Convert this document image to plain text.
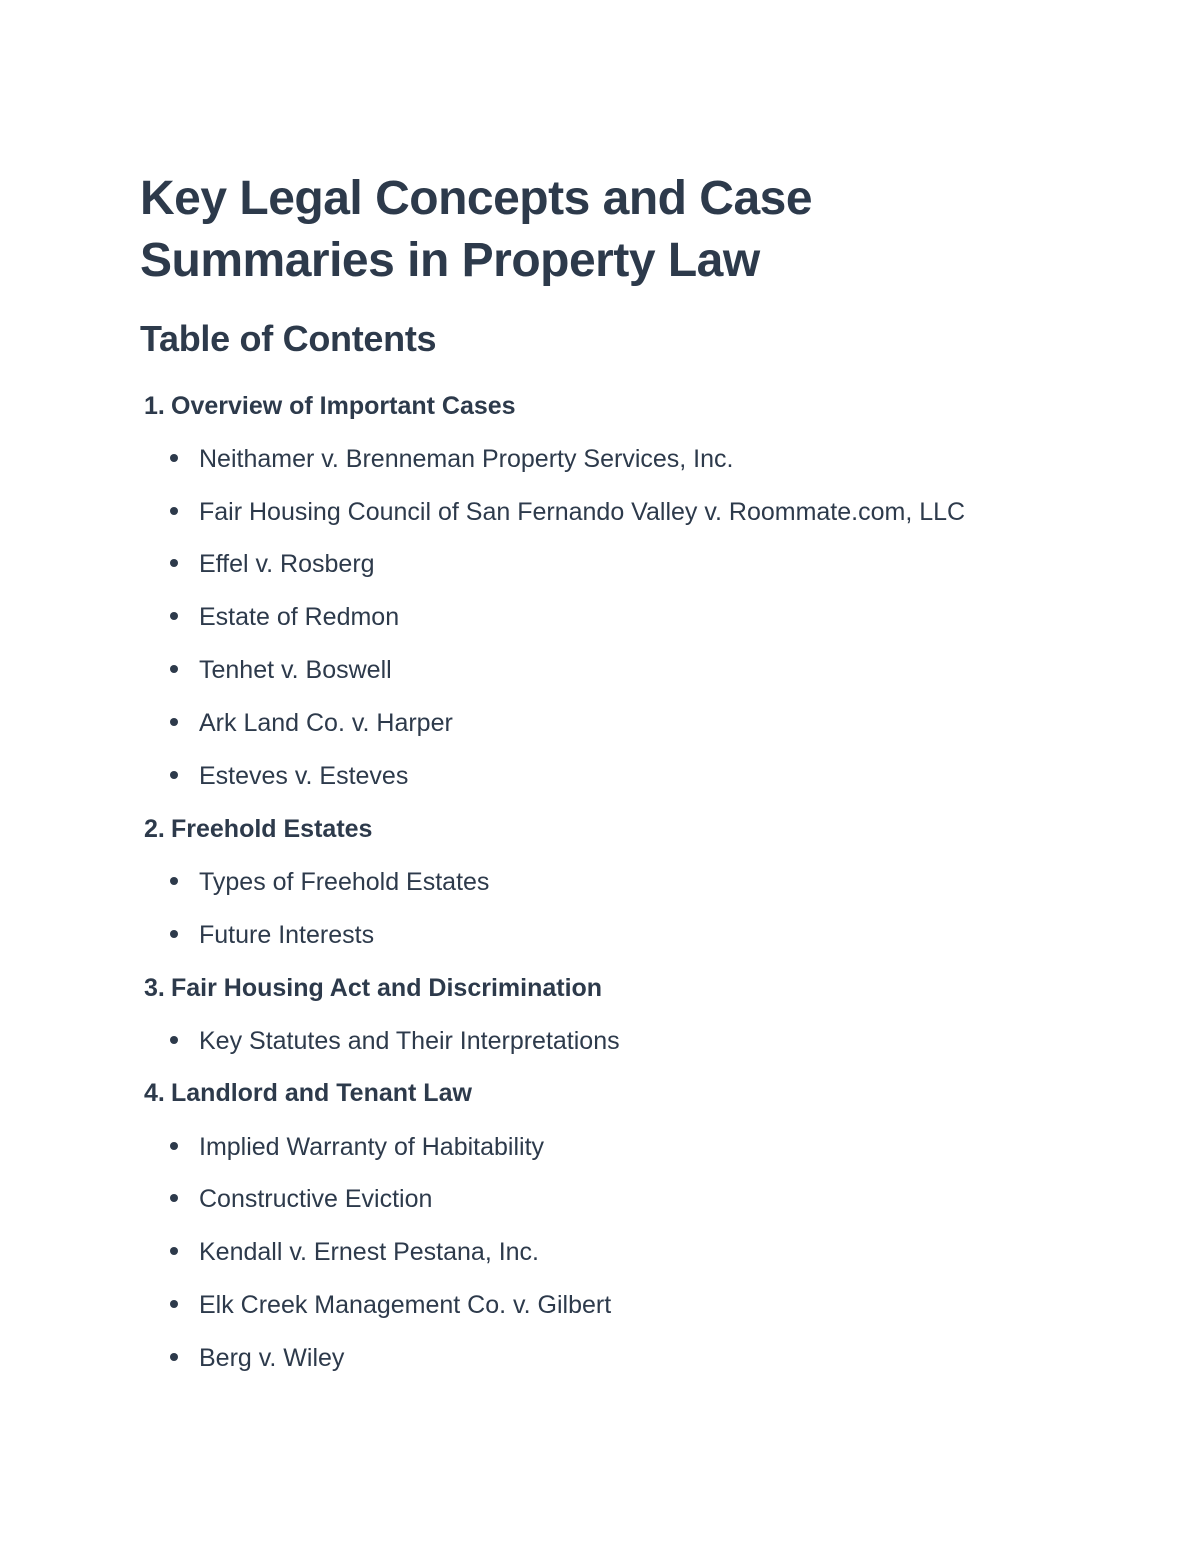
Key Legal Concepts and Case Summaries in Property Law
Table of Contents
1. Overview of Important Cases
Neithamer v. Brenneman Property Services, Inc.
Fair Housing Council of San Fernando Valley v. Roommate.com, LLC
Effel v. Rosberg
Estate of Redmon
Tenhet v. Boswell
Ark Land Co. v. Harper
Esteves v. Esteves
2. Freehold Estates
Types of Freehold Estates
Future Interests
3. Fair Housing Act and Discrimination
Key Statutes and Their Interpretations
4. Landlord and Tenant Law
Implied Warranty of Habitability
Constructive Eviction
Kendall v. Ernest Pestana, Inc.
Elk Creek Management Co. v. Gilbert
Berg v. Wiley
